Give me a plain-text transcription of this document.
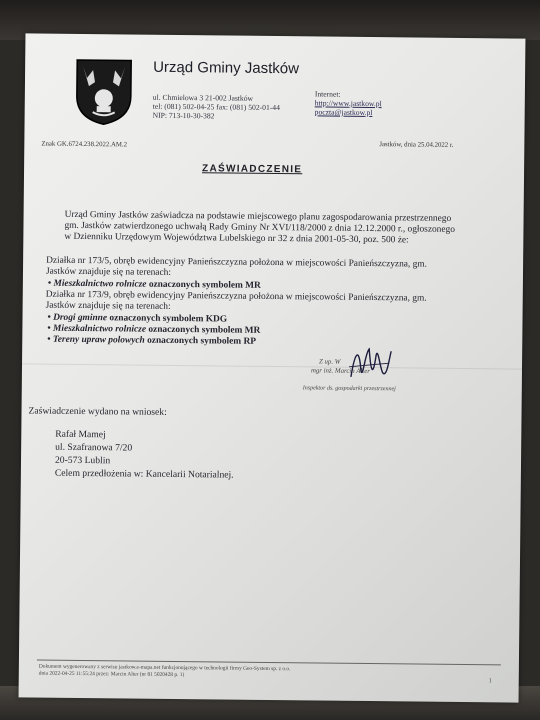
Urząd Gminy Jastków
ul. Chmielowa 3 21-002 Jastków
tel: (081) 502-04-25 fax: (081) 502-01-44
NIP: 713-10-30-382
Internet:
http://www.jastkow.pl
poczta@jastkow.pl
Znak GK.6724.238.2022.AM.2	Jastków, dnia 25.04.2022 r.
ZAŚWIADCZENIE
Urząd Gminy Jastków zaświadcza na podstawie miejscowego planu zagospodarowania przestrzennego
gm. Jastków zatwierdzonego uchwałą Rady Gminy Nr XVI/118/2000 z dnia 12.12.2000 r., ogłoszonego
w Dzienniku Urzędowym Województwa Lubelskiego nr 32 z dnia 2001-05-30, poz. 500 że:
Działka nr 173/5, obręb ewidencyjny Panieńszczyzna położona w miejscowości Panieńszczyzna, gm.
Jastków znajduje się na terenach:
• Mieszkalnictwo rolnicze oznaczonych symbolem MR
Działka nr 173/9, obręb ewidencyjny Panieńszczyzna położona w miejscowości Panieńszczyzna, gm.
Jastków znajduje się na terenach:
• Drogi gminne oznaczonych symbolem KDG
• Mieszkalnictwo rolnicze oznaczonych symbolem MR
• Tereny upraw polowych oznaczonych symbolem RP
Z up. W
mgr inż. Marcin Alter
Inspektor ds. gospodarki przestrzennej
Zaświadczenie wydano na wniosek:
Rafał Mamej
ul. Szafranowa 7/20
20-573 Lublin
Celem przedłożenia w: Kancelarii Notarialnej.
Dokument wygenerowany z serwisu jastkow.e-mapa.net funkcjonującego w technologii firmy Geo-System sp. z o.o.
dnia 2022-04-25 11:55:24 przez: Marcin Alter (nr 81 5020428 p. 1)
1
